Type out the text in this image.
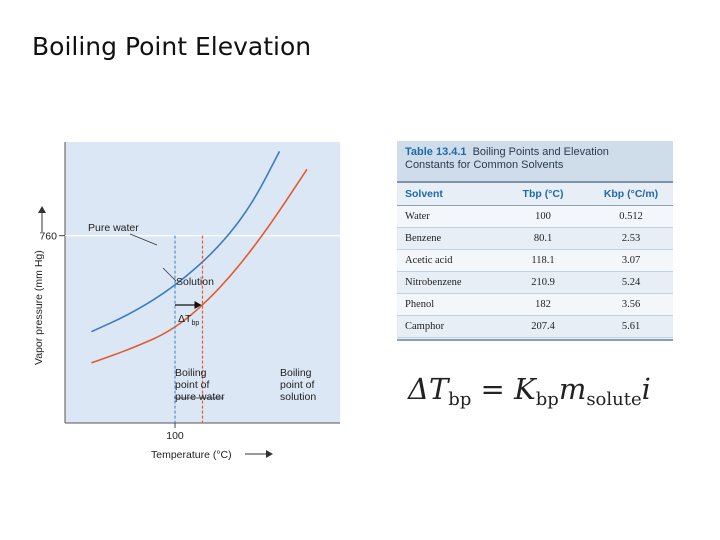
Boiling Point Elevation
760
100
$\Delta T_{bp}$
Pure water
Solution
Boiling
point of
pure water
Boiling
point of
solution
Temperature (°C)
Vapor pressure (mm Hg)
Table 13.4.1 Boiling Points and Elevation
Constants for Common Solvents
Solvent	Tbp (°C)	Kbp (°C/m)
Water	100	0.512
Benzene	80.1	2.53
Acetic acid	118.1	3.07
Nitrobenzene	210.9	5.24
Phenol	182	3.56
Camphor	207.4	5.61
$\Delta T_{bp} = K_{bp}m_{solute}i$
